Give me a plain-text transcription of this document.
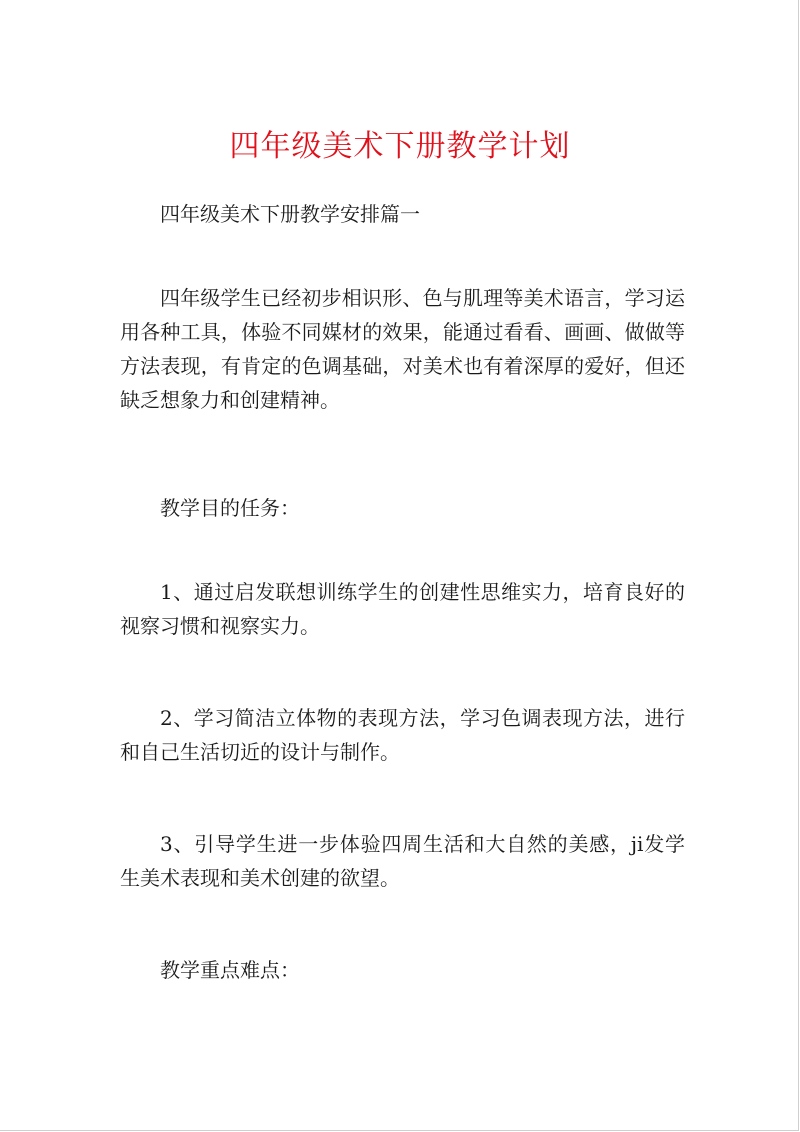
四年级美术下册教学计划
四年级美术下册教学安排篇一
四年级学生已经初步相识形、色与肌理等美术语言，学习运用各种工具，体验不同媒材的效果，能通过看看、画画、做做等方法表现，有肯定的色调基础，对美术也有着深厚的爱好，但还缺乏想象力和创建精神。
教学目的任务：
1、通过启发联想训练学生的创建性思维实力，培育良好的视察习惯和视察实力。
2、学习简洁立体物的表现方法，学习色调表现方法，进行和自己生活切近的设计与制作。
3、引导学生进一步体验四周生活和大自然的美感，ji发学生美术表现和美术创建的欲望。
教学重点难点：
